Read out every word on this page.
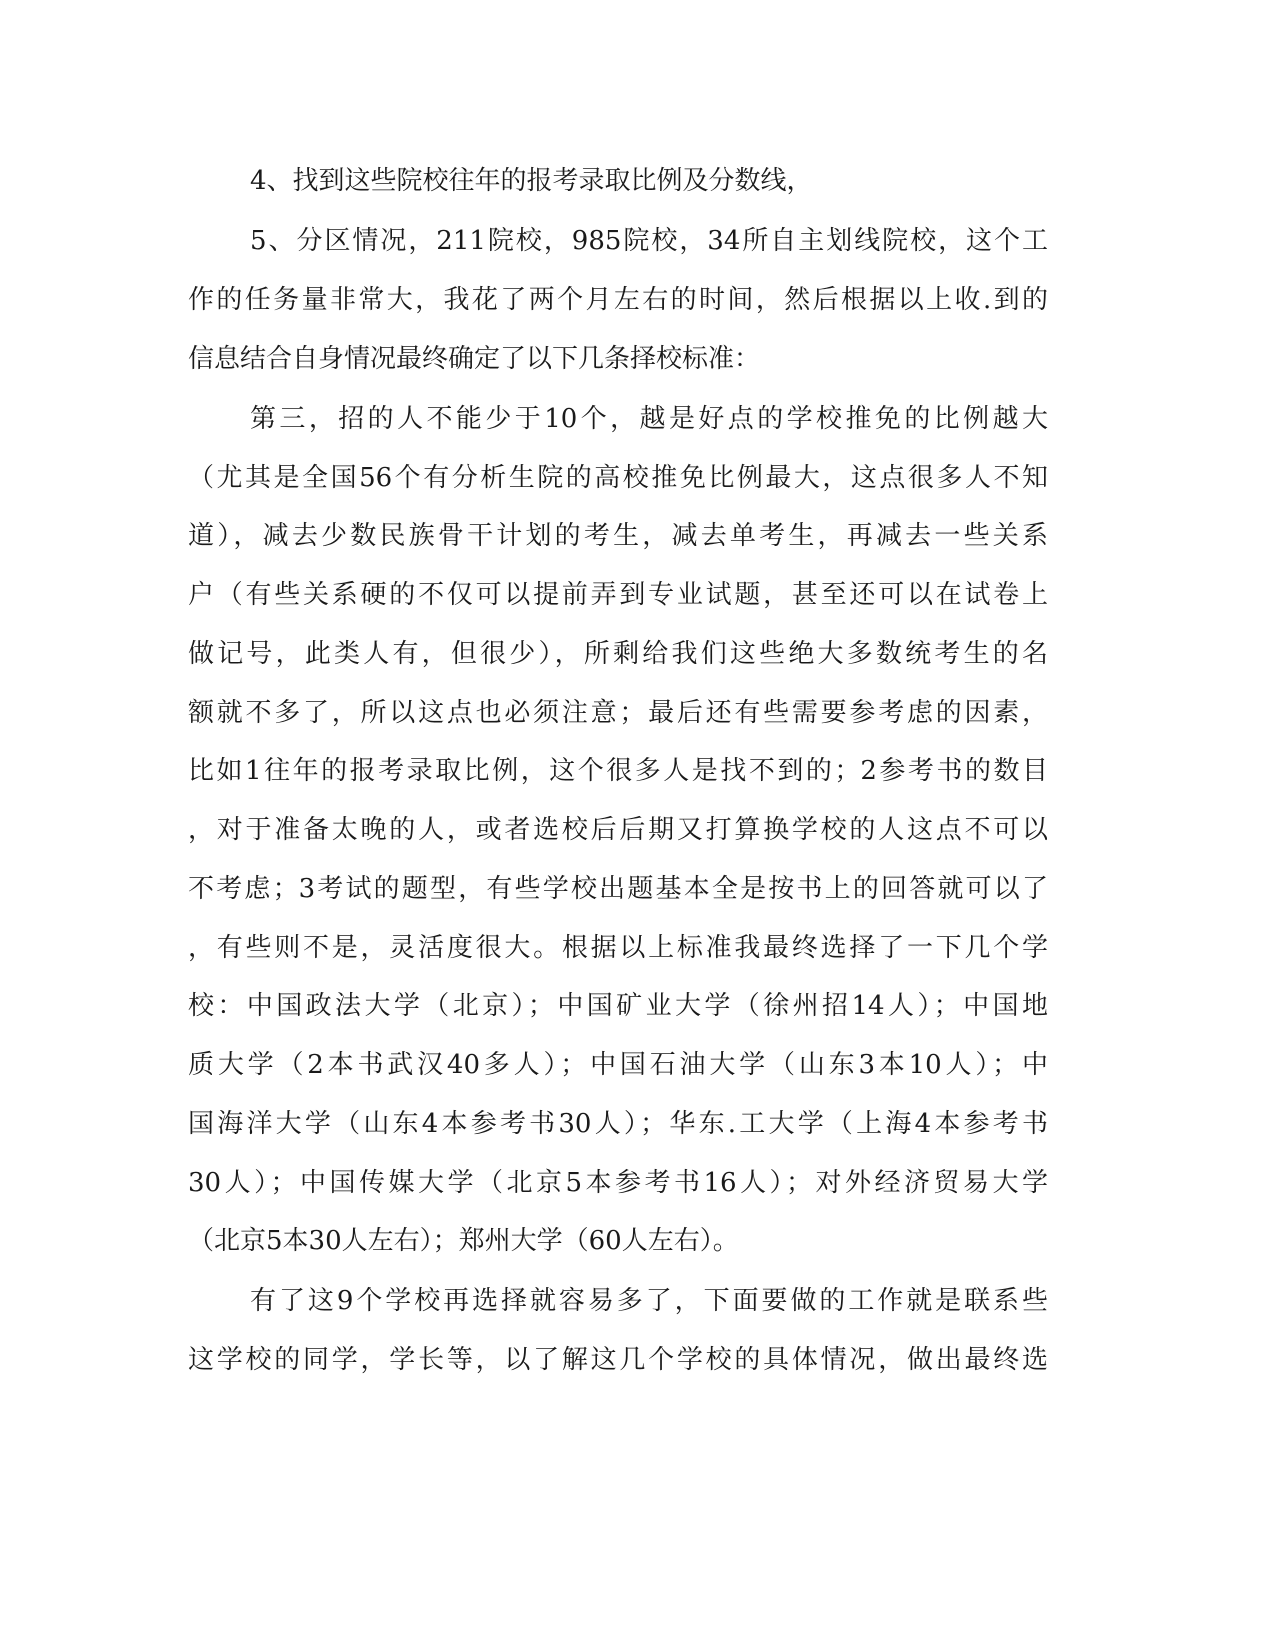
4、找到这些院校往年的报考录取比例及分数线，

5、分区情况，211院校，985院校，34所自主划线院校，这个工

作的任务量非常大，我花了两个月左右的时间，然后根据以上收.到的

信息结合自身情况最终确定了以下几条择校标准：

第三，招的人不能少于10个，越是好点的学校推免的比例越大

（尤其是全国56个有分析生院的高校推免比例最大，这点很多人不知

道），减去少数民族骨干计划的考生，减去单考生，再减去一些关系

户（有些关系硬的不仅可以提前弄到专业试题，甚至还可以在试卷上

做记号，此类人有，但很少），所剩给我们这些绝大多数统考生的名

额就不多了，所以这点也必须注意；最后还有些需要参考虑的因素，

比如1往年的报考录取比例，这个很多人是找不到的；2参考书的数目

，对于准备太晚的人，或者选校后后期又打算换学校的人这点不可以

不考虑；3考试的题型，有些学校出题基本全是按书上的回答就可以了

，有些则不是，灵活度很大。根据以上标准我最终选择了一下几个学

校：中国政法大学（北京）；中国矿业大学（徐州招14人）；中国地

质大学（2本书武汉40多人）；中国石油大学（山东3本10人）；中

国海洋大学（山东4本参考书30人）；华东.工大学（上海4本参考书

30人）；中国传媒大学（北京5本参考书16人）；对外经济贸易大学

（北京5本30人左右）；郑州大学（60人左右）。

有了这9个学校再选择就容易多了，下面要做的工作就是联系些

这学校的同学，学长等，以了解这几个学校的具体情况，做出最终选
